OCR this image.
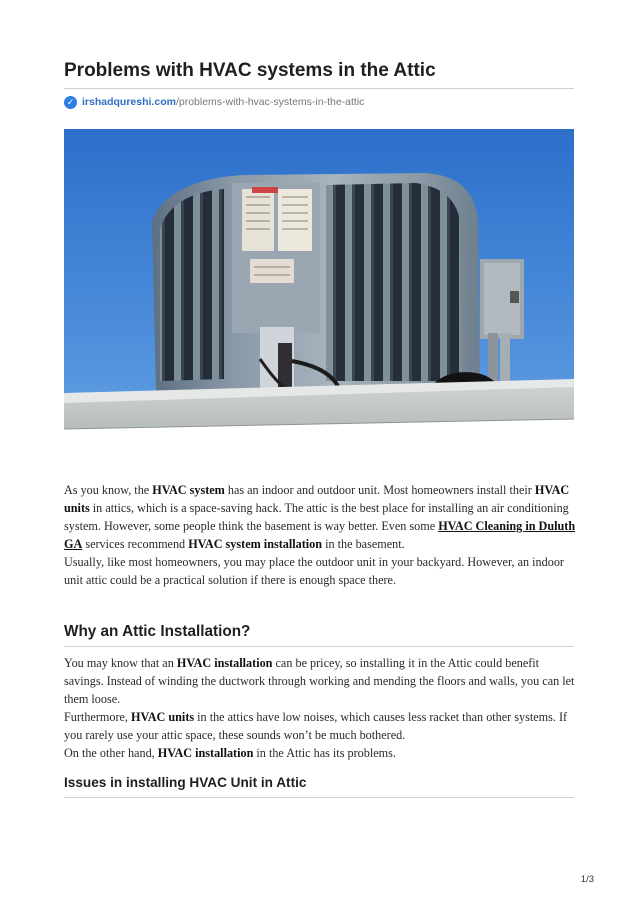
Problems with HVAC systems in the Attic
✓ irshadqureshi.com /problems-with-hvac-systems-in-the-attic

As you know, the HVAC system has an indoor and outdoor unit. Most homeowners install their HVAC units in attics, which is a space-saving hack. The attic is the best place for installing an air conditioning system. However, some people think the basement is way better. Even some HVAC Cleaning in Duluth GA services recommend HVAC system installation in the basement.
Usually, like most homeowners, you may place the outdoor unit in your backyard. However, an indoor unit attic could be a practical solution if there is enough space there.

Why an Attic Installation?

You may know that an HVAC installation can be pricey, so installing it in the Attic could benefit savings. Instead of winding the ductwork through working and mending the floors and walls, you can let them loose.
Furthermore, HVAC units in the attics have low noises, which causes less racket than other systems. If you rarely use your attic space, these sounds won’t be much bothered.
On the other hand, HVAC installation in the Attic has its problems.

Issues in installing HVAC Unit in Attic
1/3
